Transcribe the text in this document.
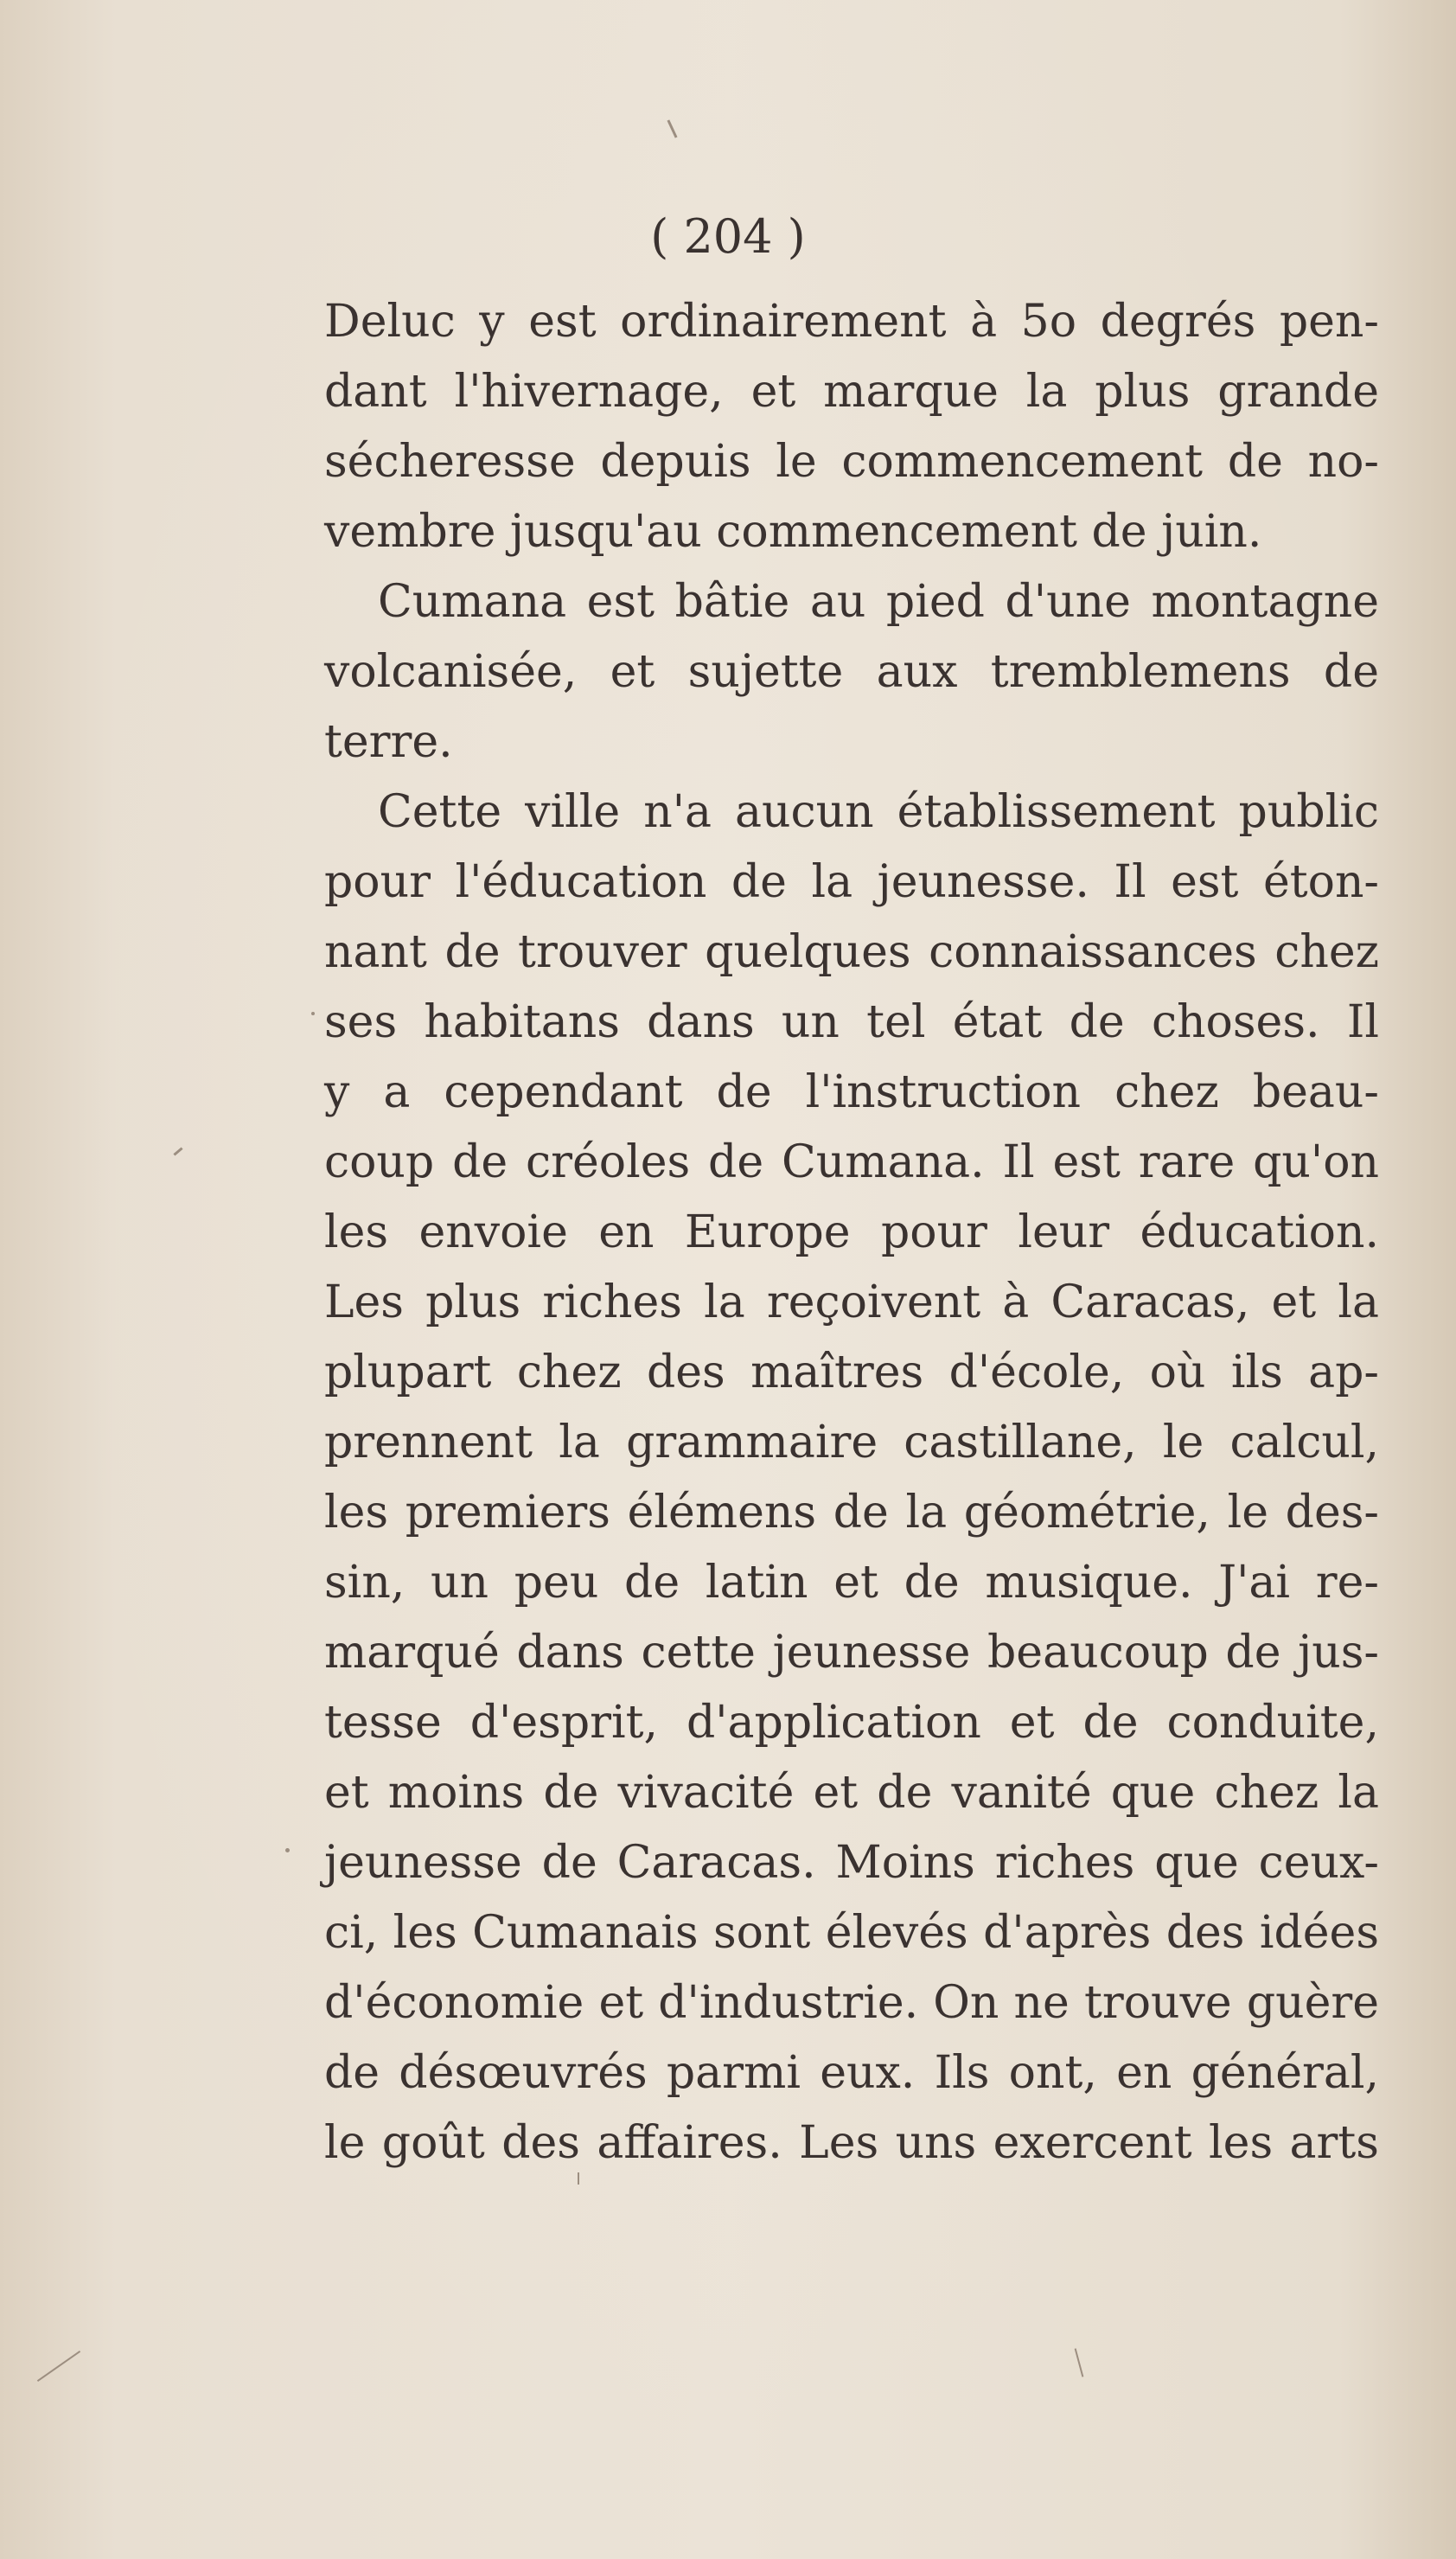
( 204 )
Deluc y est ordinairement à 5o degrés pen-
dant l'hivernage, et marque la plus grande
sécheresse depuis le commencement de no-
vembre jusqu'au commencement de juin.
Cumana est bâtie au pied d'une montagne
volcanisée, et sujette aux tremblemens de
terre.
Cette ville n'a aucun établissement public
pour l'éducation de la jeunesse. Il est éton-
nant de trouver quelques connaissances chez
ses habitans dans un tel état de choses. Il
y a cependant de l'instruction chez beau-
coup de créoles de Cumana. Il est rare qu'on
les envoie en Europe pour leur éducation.
Les plus riches la reçoivent à Caracas, et la
plupart chez des maîtres d'école, où ils ap-
prennent la grammaire castillane, le calcul,
les premiers élémens de la géométrie, le des-
sin, un peu de latin et de musique. J'ai re-
marqué dans cette jeunesse beaucoup de jus-
tesse d'esprit, d'application et de conduite,
et moins de vivacité et de vanité que chez la
jeunesse de Caracas. Moins riches que ceux-
ci, les Cumanais sont élevés d'après des idées
d'économie et d'industrie. On ne trouve guère
de désœuvrés parmi eux. Ils ont, en général,
le goût des affaires. Les uns exercent les arts
